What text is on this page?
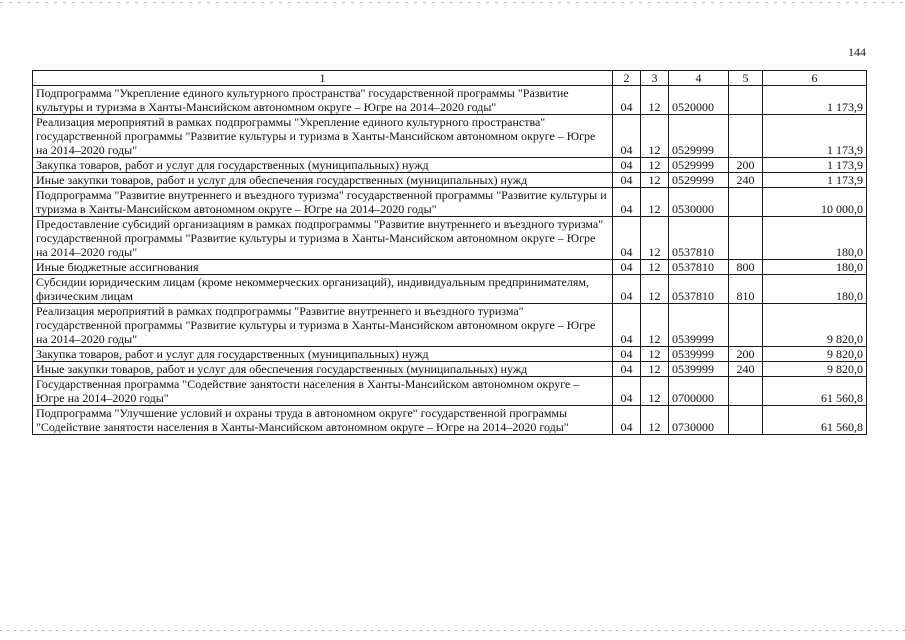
144
1	2	3	4	5	6
Подпрограмма "Укрепление единого культурного пространства" государственной программы "Развитие культуры и туризма в Ханты-Мансийском автономном округе – Югре на 2014–2020 годы"	04	12	0520000		1 173,9
Реализация мероприятий в рамках подпрограммы "Укрепление единого культурного пространства" государственной программы "Развитие культуры и туризма в Ханты-Мансийском автономном округе – Югре на 2014–2020 годы"	04	12	0529999		1 173,9
Закупка товаров, работ и услуг для государственных (муниципальных) нужд	04	12	0529999	200	1 173,9
Иные закупки товаров, работ и услуг для обеспечения государственных (муниципальных) нужд	04	12	0529999	240	1 173,9
Подпрограмма "Развитие внутреннего и въездного туризма" государственной программы "Развитие культуры и туризма в Ханты-Мансийском автономном округе – Югре на 2014–2020 годы"	04	12	0530000		10 000,0
Предоставление субсидий организациям в рамках подпрограммы "Развитие внутреннего и въездного туризма" государственной программы "Развитие культуры и туризма в Ханты-Мансийском автономном округе – Югре на 2014–2020 годы"	04	12	0537810		180,0
Иные бюджетные ассигнования	04	12	0537810	800	180,0
Субсидии юридическим лицам (кроме некоммерческих организаций), индивидуальным предпринимателям, физическим лицам	04	12	0537810	810	180,0
Реализация мероприятий в рамках подпрограммы "Развитие внутреннего и въездного туризма" государственной программы "Развитие культуры и туризма в Ханты-Мансийском автономном округе – Югре на 2014–2020 годы"	04	12	0539999		9 820,0
Закупка товаров, работ и услуг для государственных (муниципальных) нужд	04	12	0539999	200	9 820,0
Иные закупки товаров, работ и услуг для обеспечения государственных (муниципальных) нужд	04	12	0539999	240	9 820,0
Государственная программа "Содействие занятости населения в Ханты-Мансийском автономном округе – Югре на 2014–2020 годы"	04	12	0700000		61 560,8
Подпрограмма "Улучшение условий и охраны труда в автономном округе" государственной программы "Содействие занятости населения в Ханты-Мансийском автономном округе – Югре на 2014–2020 годы"	04	12	0730000		61 560,8
